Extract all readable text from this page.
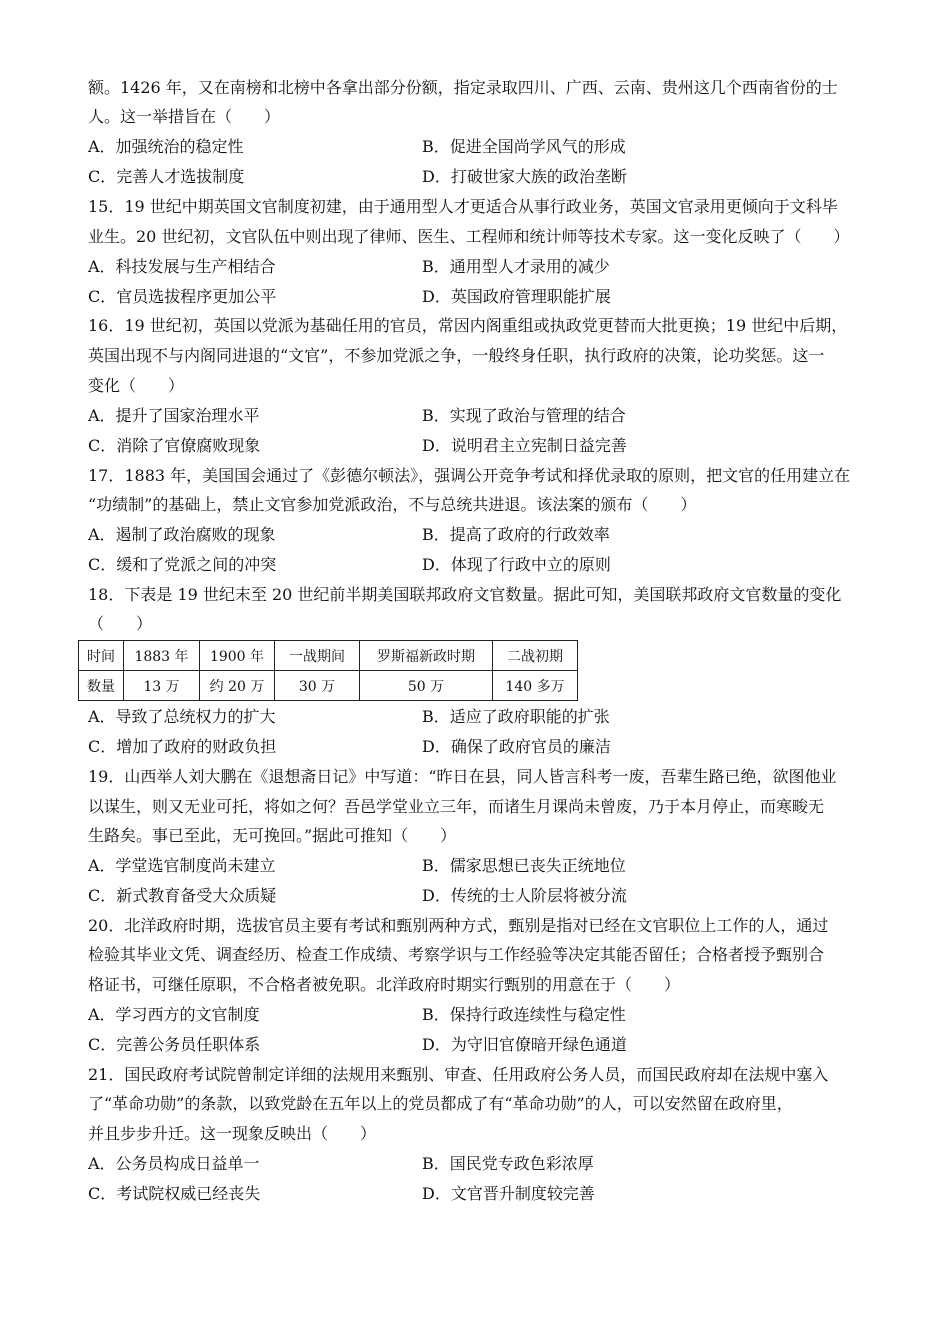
额。1426 年，又在南榜和北榜中各拿出部分份额，指定录取四川、广西、云南、贵州这几个西南省份的士
人。这一举措旨在（　　）
A．加强统治的稳定性	B．促进全国尚学风气的形成
C．完善人才选拔制度	D．打破世家大族的政治垄断
15．19 世纪中期英国文官制度初建，由于通用型人才更适合从事行政业务，英国文官录用更倾向于文科毕
业生。20 世纪初，文官队伍中则出现了律师、医生、工程师和统计师等技术专家。这一变化反映了（　　）
A．科技发展与生产相结合	B．通用型人才录用的减少
C．官员选拔程序更加公平	D．英国政府管理职能扩展
16．19 世纪初，英国以党派为基础任用的官员，常因内阁重组或执政党更替而大批更换；19 世纪中后期，
英国出现不与内阁同进退的“文官”，不参加党派之争，一般终身任职，执行政府的决策，论功奖惩。这一
变化（　　）
A．提升了国家治理水平	B．实现了政治与管理的结合
C．消除了官僚腐败现象	D．说明君主立宪制日益完善
17．1883 年，美国国会通过了《彭德尔顿法》，强调公开竞争考试和择优录取的原则，把文官的任用建立在
“功绩制”的基础上，禁止文官参加党派政治，不与总统共进退。该法案的颁布（　　）
A．遏制了政治腐败的现象	B．提高了政府的行政效率
C．缓和了党派之间的冲突	D．体现了行政中立的原则
18．下表是 19 世纪末至 20 世纪前半期美国联邦政府文官数量。据此可知，美国联邦政府文官数量的变化
（　　）
时间	1883 年	1900 年	一战期间	罗斯福新政时期	二战初期
数量	13 万	约 20 万	30 万	50 万	140 多万
A．导致了总统权力的扩大	B．适应了政府职能的扩张
C．增加了政府的财政负担	D．确保了政府官员的廉洁
19．山西举人刘大鹏在《退想斋日记》中写道：“昨日在县，同人皆言科考一废，吾辈生路已绝，欲图他业
以谋生，则又无业可托，将如之何？吾邑学堂业立三年，而诸生月课尚未曾废，乃于本月停止，而寒畯无
生路矣。事已至此，无可挽回。”据此可推知（　　）
A．学堂选官制度尚未建立	B．儒家思想已丧失正统地位
C．新式教育备受大众质疑	D．传统的士人阶层将被分流
20．北洋政府时期，选拔官员主要有考试和甄别两种方式，甄别是指对已经在文官职位上工作的人，通过
检验其毕业文凭、调查经历、检查工作成绩、考察学识与工作经验等决定其能否留任；合格者授予甄别合
格证书，可继任原职，不合格者被免职。北洋政府时期实行甄别的用意在于（　　）
A．学习西方的文官制度	B．保持行政连续性与稳定性
C．完善公务员任职体系	D．为守旧官僚暗开绿色通道
21．国民政府考试院曾制定详细的法规用来甄别、审查、任用政府公务人员，而国民政府却在法规中塞入
了“革命功勋”的条款，以致党龄在五年以上的党员都成了有“革命功勋”的人，可以安然留在政府里，
并且步步升迁。这一现象反映出（　　）
A．公务员构成日益单一	B．国民党专政色彩浓厚
C．考试院权威已经丧失	D．文官晋升制度较完善
